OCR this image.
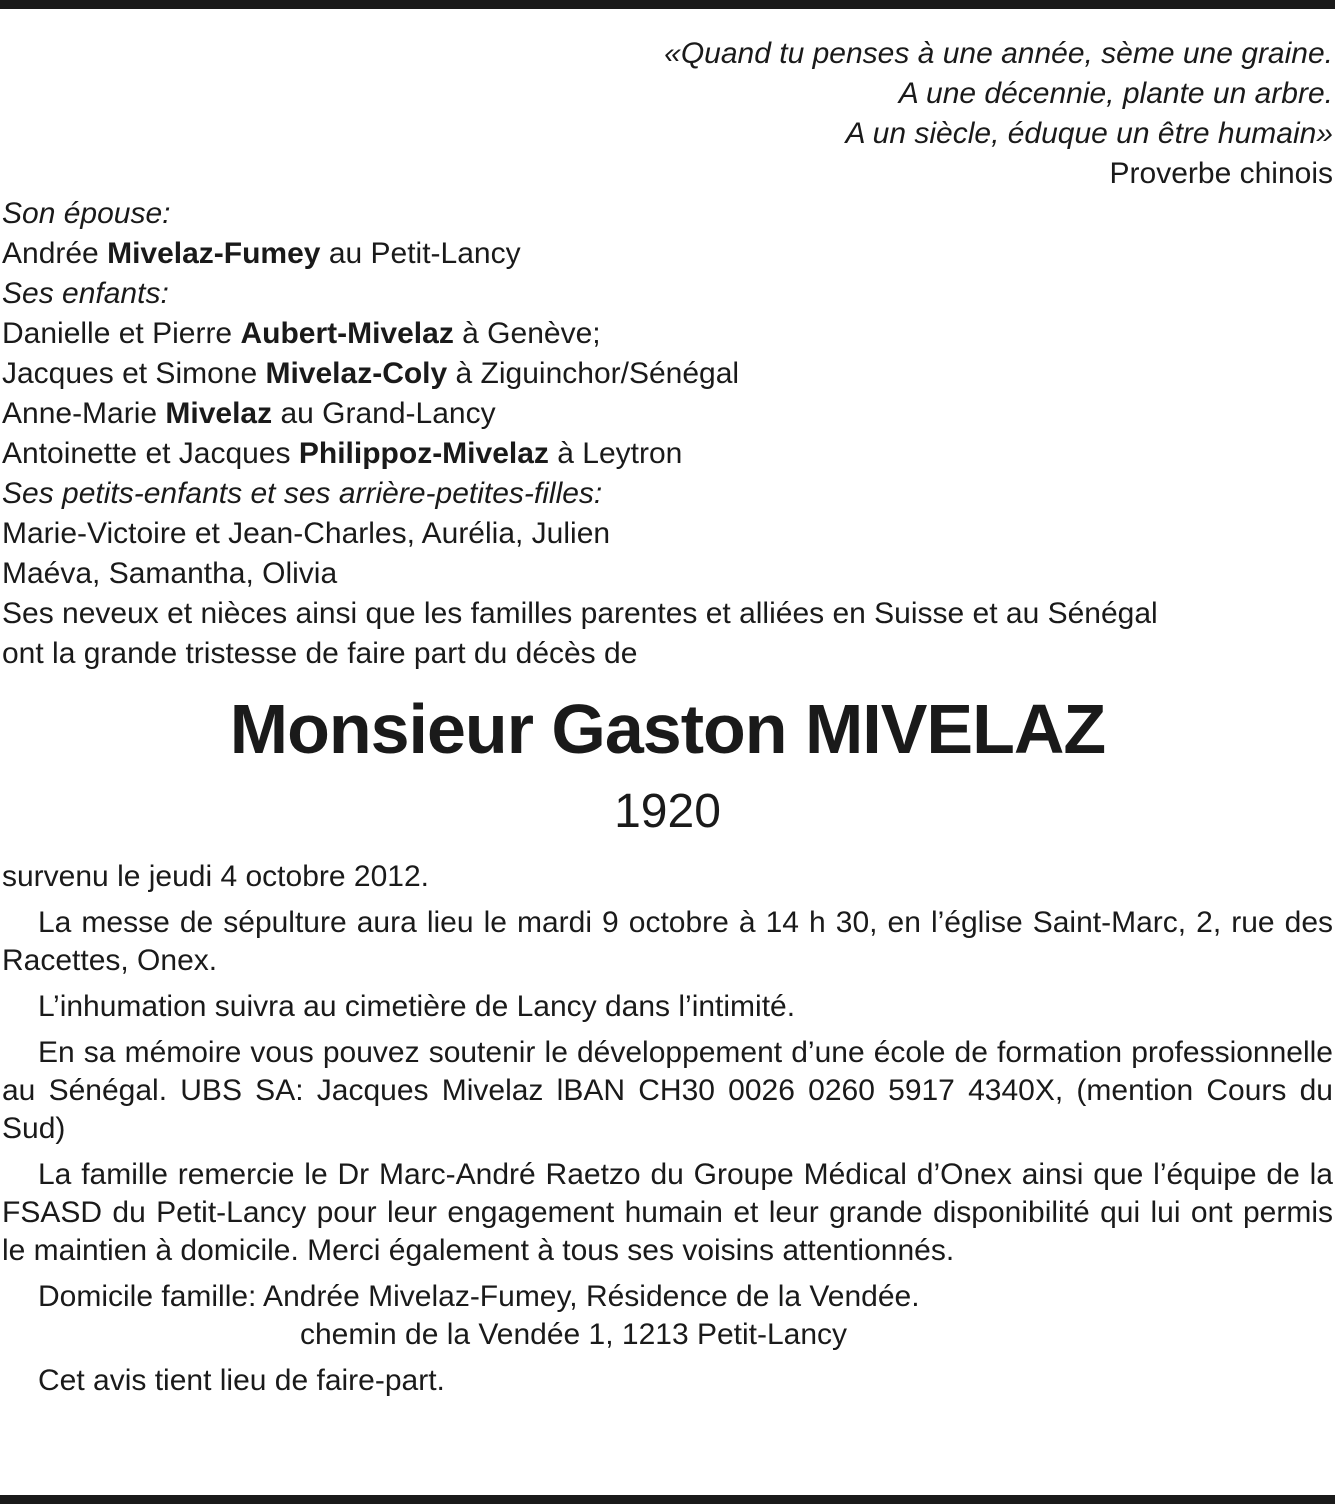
«Quand tu penses à une année, sème une graine.
A une décennie, plante un arbre.
A un siècle, éduque un être humain»
Proverbe chinois
Son épouse:
Andrée Mivelaz-Fumey au Petit-Lancy
Ses enfants:
Danielle et Pierre Aubert-Mivelaz à Genève;
Jacques et Simone Mivelaz-Coly à Ziguinchor/Sénégal
Anne-Marie Mivelaz au Grand-Lancy
Antoinette et Jacques Philippoz-Mivelaz à Leytron
Ses petits-enfants et ses arrière-petites-filles:
Marie-Victoire et Jean-Charles, Aurélia, Julien
Maéva, Samantha, Olivia
Ses neveux et nièces ainsi que les familles parentes et alliées en Suisse et au Sénégal
ont la grande tristesse de faire part du décès de
Monsieur Gaston MIVELAZ
1920

survenu le jeudi 4 octobre 2012.

La messe de sépulture aura lieu le mardi 9 octobre à 14 h 30, en l’église Saint-Marc, 2, rue des Racettes, Onex.

L’inhumation suivra au cimetière de Lancy dans l’intimité.

En sa mémoire vous pouvez soutenir le développement d’une école de formation professionnelle au Sénégal. UBS SA: Jacques Mivelaz lBAN CH30 0026 0260 5917 4340X, (mention Cours du Sud)

La famille remercie le Dr Marc-André Raetzo du Groupe Médical d’Onex ainsi que l’équipe de la FSASD du Petit-Lancy pour leur engagement humain et leur grande disponibilité qui lui ont permis le maintien à domicile. Merci également à tous ses voisins attentionnés.

Domicile famille: Andrée Mivelaz-Fumey, Résidence de la Vendée.
chemin de la Vendée 1, 1213 Petit-Lancy
Cet avis tient lieu de faire-part.
